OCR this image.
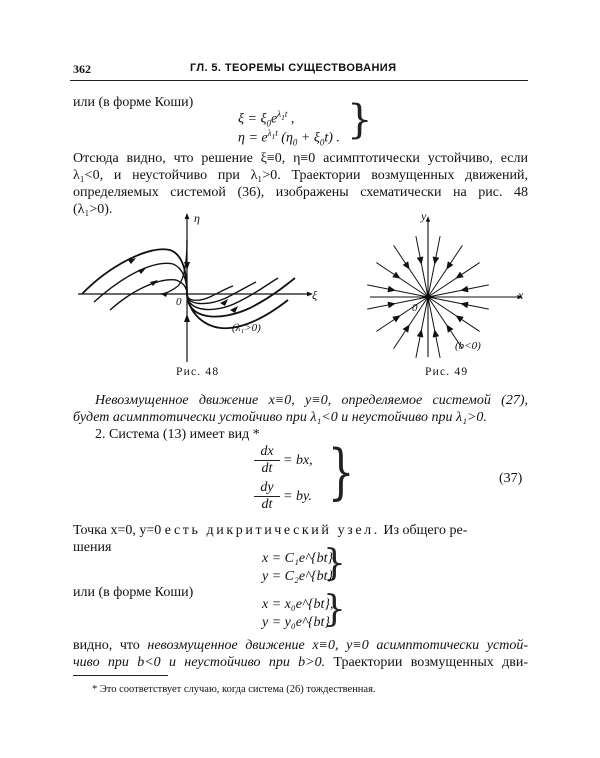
362	ГЛ. 5. ТЕОРЕМЫ СУЩЕСТВОВАНИЯ
или (в форме Коши)
$\xi = \xi_0e^{\lambda_1t}$ ,
$\eta = e^{\lambda_1t}$ $(\eta_0 + \xi_0t)$ . }
Отсюда видно, что решение ξ≡0, η≡0 асимптотически устойчиво, если
λ₁<0, и неустойчиво при λ₁>0. Траектории возмущенных движений,
определяемых системой (36), изображены схематически на рис. 48
(λ₁>0).
ξ
η
0
(λ₁>0)
Рис. 48
x
y
0
(b<0)
Рис. 49
Невозмущенное движение x≡0, y≡0, определяемое системой (27),
будет асимптотически устойчиво при λ₁<0 и неустойчиво при λ₁>0.
2. Система (13) имеет вид *
$\frac{dx}{dt}$ = bx,
$\frac{dy}{dt}$ = by. }	(37)
Точка x=0, y=0 есть дикритический узел. Из общего ре-
шения
x = C₁e^{bt},
y = C₂e^{bt}
}
или (в форме Коши)
x = x₀e^{bt},
y = y₀e^{bt}
}
видно, что невозмущенное движение x≡0, y≡0 асимптотически устой-
чиво при b<0 и неустойчиво при b>0. Траектории возмущенных дви-
* Это соответствует случаю, когда система (26) тождественная.
